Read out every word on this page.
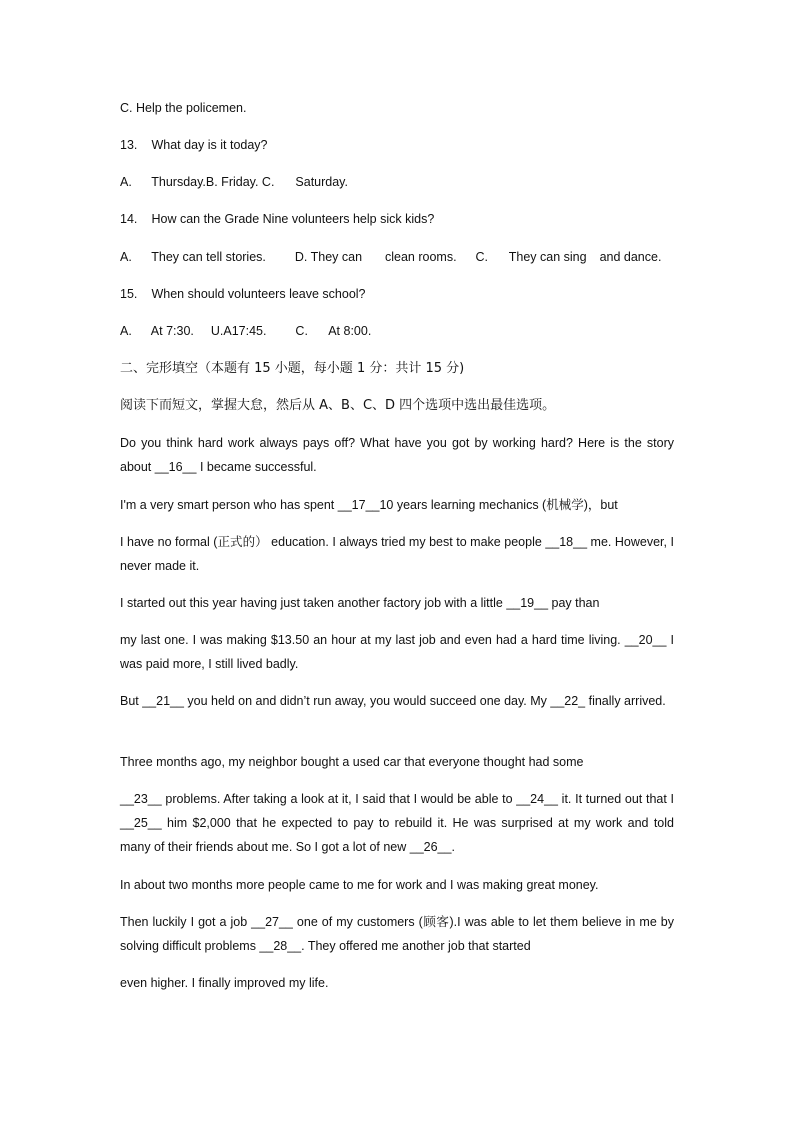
C. Help the policemen.

13. What day is it today?
A. Thursday.B. Friday. C. Saturday.
14. How can the Grade Nine volunteers help sick kids?
A. They can tell stories. D. They can clean rooms. C. They can sing and dance.
15. When should volunteers leave school?
A. At 7:30. U.A17:45. C. At 8:00.

二、完形填空（本题有 15 小题，每小题 1 分：共计 15 分)

阅读下而短文，掌握大怠，然后从 A、B、C、D 四个选项中选出最佳选项。

Do you think hard work always pays off? What have you got by working hard? Here is the story about __16__ I became successful.

I'm a very smart person who has spent __17__10 years learning mechanics (机械学)，but

I have no formal (正式的） education. I always tried my best to make people __18__ me. However, I never made it.

I started out this year having just taken another factory job with a little __19__ pay than

my last one. I was making $13.50 an hour at my last job and even had a hard time living. __20__ I was paid more, I still lived badly.

But __21__ you held on and didn’t run away, you would succeed one day. My __22_ finally arrived.

Three months ago, my neighbor bought a used car that everyone thought had some

__23__ problems. After taking a look at it, I said that I would be able to __24__ it. It turned out that I __25__ him $2,000 that he expected to pay to rebuild it. He was surprised at my work and told many of their friends about me. So I got a lot of new __26__.

In about two months more people came to me for work and I was making great money.

Then luckily I got a job __27__ one of my customers (顾客).I was able to let them believe in me by solving difficult problems __28__. They offered me another job that started

even higher. I finally improved my life.
